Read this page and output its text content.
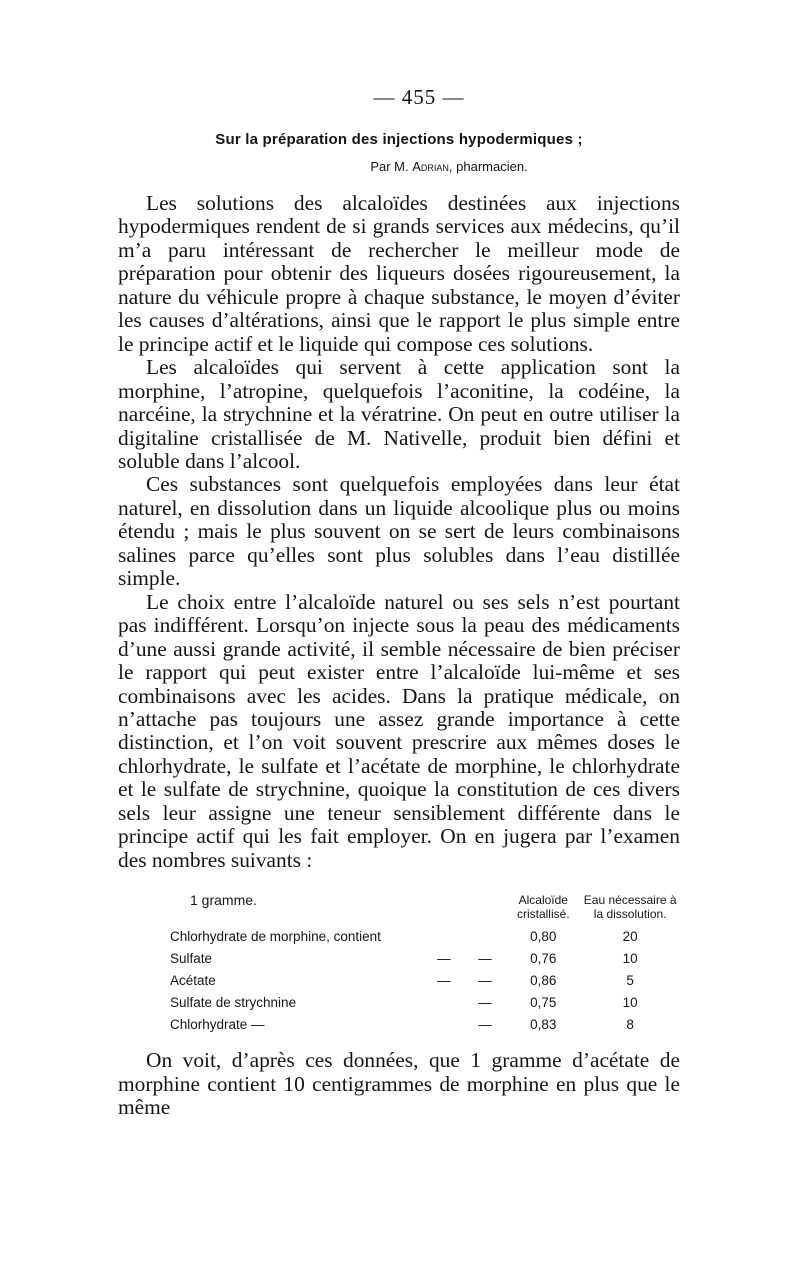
— 455 —
Sur la préparation des injections hypodermiques ;
Par M. Adrian, pharmacien.

Les solutions des alcaloïdes destinées aux injections hypodermiques rendent de si grands services aux médecins, qu’il m’a paru intéressant de rechercher le meilleur mode de préparation pour obtenir des liqueurs dosées rigoureusement, la nature du véhicule propre à chaque substance, le moyen d’éviter les causes d’altérations, ainsi que le rapport le plus simple entre le principe actif et le liquide qui compose ces solutions.

Les alcaloïdes qui servent à cette application sont la morphine, l’atropine, quelquefois l’aconitine, la codéine, la narcéine, la strychnine et la vératrine. On peut en outre utiliser la digitaline cristallisée de M. Nativelle, produit bien défini et soluble dans l’alcool.

Ces substances sont quelquefois employées dans leur état naturel, en dissolution dans un liquide alcoolique plus ou moins étendu ; mais le plus souvent on se sert de leurs combinaisons salines parce qu’elles sont plus solubles dans l’eau distillée simple.

Le choix entre l’alcaloïde naturel ou ses sels n’est pourtant pas indifférent. Lorsqu’on injecte sous la peau des médicaments d’une aussi grande activité, il semble nécessaire de bien préciser le rapport qui peut exister entre l’alcaloïde lui-même et ses combinaisons avec les acides. Dans la pratique médicale, on n’attache pas toujours une assez grande importance à cette distinction, et l’on voit souvent prescrire aux mêmes doses le chlorhydrate, le sulfate et l’acétate de morphine, le chlorhydrate et le sulfate de strychnine, quoique la constitution de ces divers sels leur assigne une teneur sensiblement différente dans le principe actif qui les fait employer. On en jugera par l’examen des nombres suivants :

1 gramme.			Alcaloïde
cristallisé.	Eau nécessaire à
la dissolution.
Chlorhydrate de morphine, contient			0,80	20
Sulfate	—	—	0,76	10
Acétate	—	—	0,86	5
Sulfate de strychnine		—	0,75	10
Chlorhydrate —		—	0,83	8

On voit, d’après ces données, que 1 gramme d’acétate de morphine contient 10 centigrammes de morphine en plus que le même
